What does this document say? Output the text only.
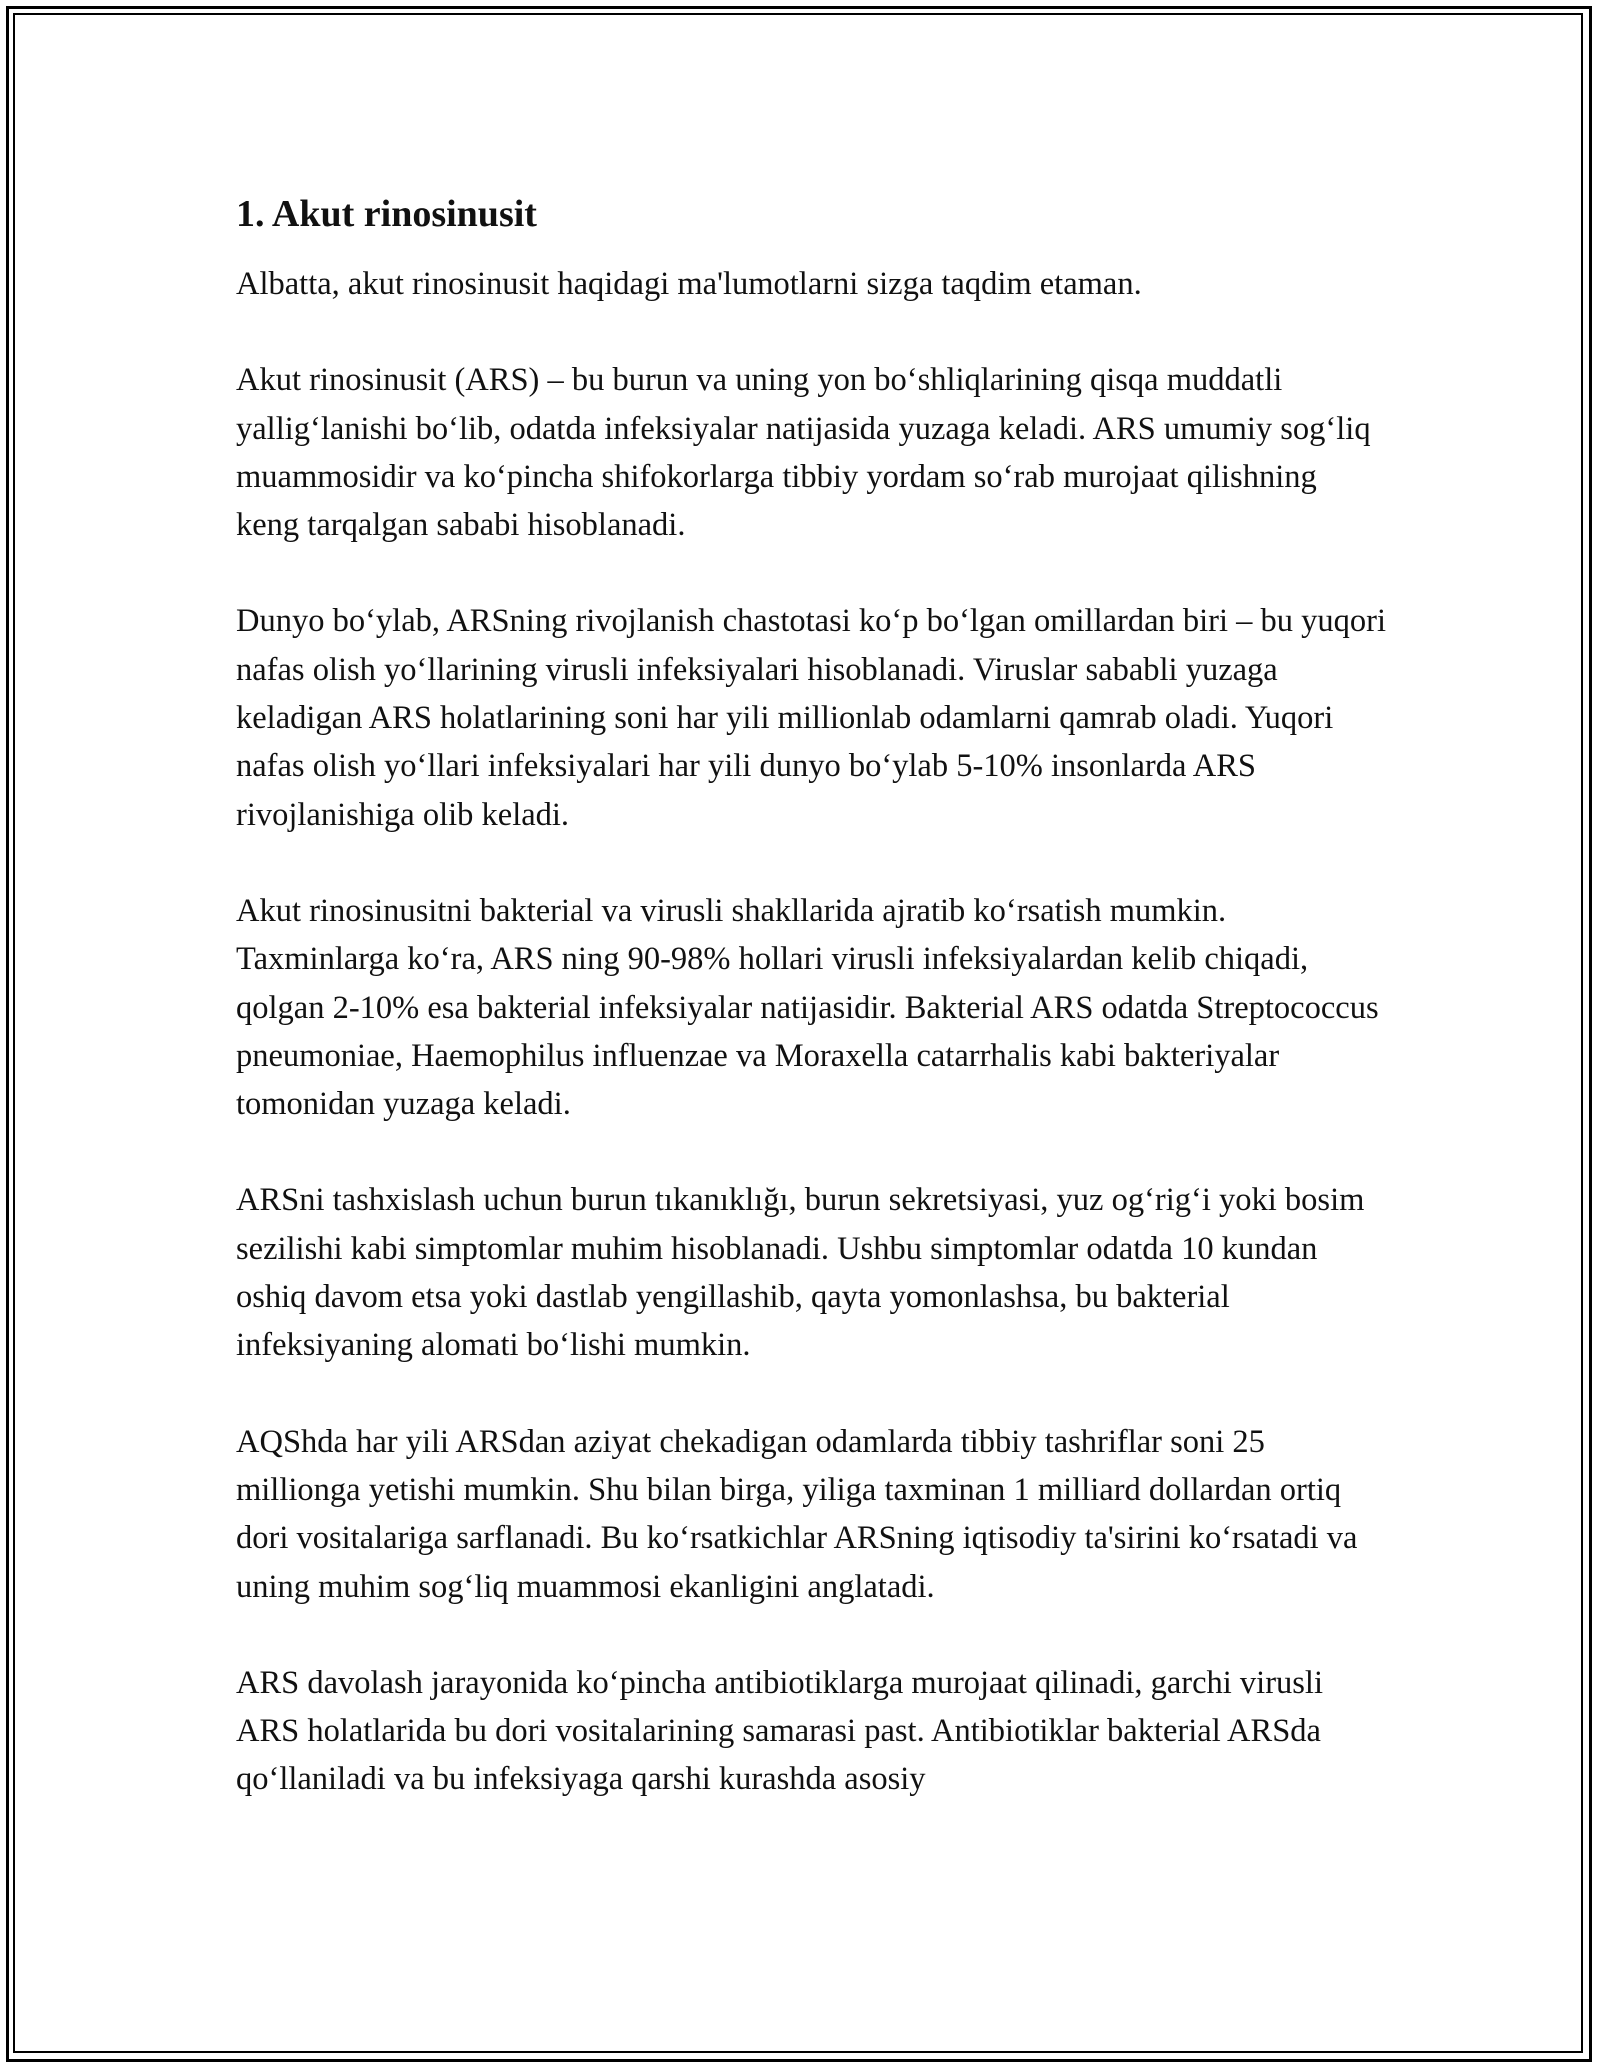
1. Akut rinosinusit

Albatta, akut rinosinusit haqidagi ma'lumotlarni sizga taqdim etaman.

Akut rinosinusit (ARS) – bu burun va uning yon bo‘shliqlarining qisqa muddatli yallig‘lanishi bo‘lib, odatda infeksiyalar natijasida yuzaga keladi. ARS umumiy sog‘liq muammosidir va ko‘pincha shifokorlarga tibbiy yordam so‘rab murojaat qilishning keng tarqalgan sababi hisoblanadi.

Dunyo bo‘ylab, ARSning rivojlanish chastotasi ko‘p bo‘lgan omillardan biri – bu yuqori nafas olish yo‘llarining virusli infeksiyalari hisoblanadi. Viruslar sababli yuzaga keladigan ARS holatlarining soni har yili millionlab odamlarni qamrab oladi. Yuqori nafas olish yo‘llari infeksiyalari har yili dunyo bo‘ylab 5-10% insonlarda ARS rivojlanishiga olib keladi.

Akut rinosinusitni bakterial va virusli shakllarida ajratib ko‘rsatish mumkin. Taxminlarga ko‘ra, ARS ning 90-98% hollari virusli infeksiyalardan kelib chiqadi, qolgan 2-10% esa bakterial infeksiyalar natijasidir. Bakterial ARS odatda Streptococcus pneumoniae, Haemophilus influenzae va Moraxella catarrhalis kabi bakteriyalar tomonidan yuzaga keladi.

ARSni tashxislash uchun burun tıkanıklığı, burun sekretsiyasi, yuz og‘rig‘i yoki bosim sezilishi kabi simptomlar muhim hisoblanadi. Ushbu simptomlar odatda 10 kundan oshiq davom etsa yoki dastlab yengillashib, qayta yomonlashsa, bu bakterial infeksiyaning alomati bo‘lishi mumkin.

AQShda har yili ARSdan aziyat chekadigan odamlarda tibbiy tashriflar soni 25 millionga yetishi mumkin. Shu bilan birga, yiliga taxminan 1 milliard dollardan ortiq dori vositalariga sarflanadi. Bu ko‘rsatkichlar ARSning iqtisodiy ta'sirini ko‘rsatadi va uning muhim sog‘liq muammosi ekanligini anglatadi.

ARS davolash jarayonida ko‘pincha antibiotiklarga murojaat qilinadi, garchi virusli ARS holatlarida bu dori vositalarining samarasi past. Antibiotiklar bakterial ARSda qo‘llaniladi va bu infeksiyaga qarshi kurashda asosiy
